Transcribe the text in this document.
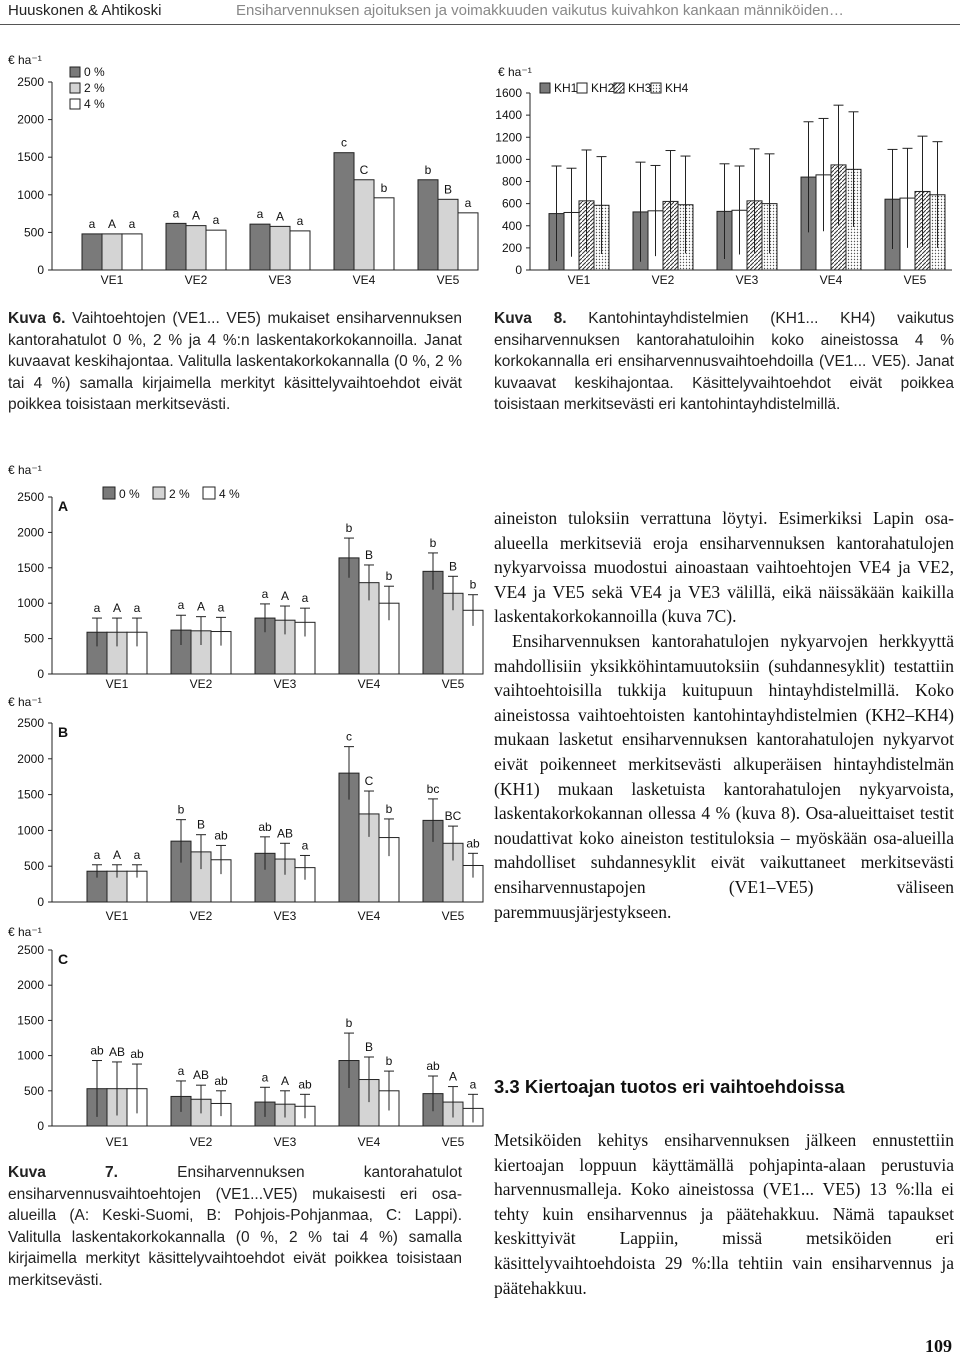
Huuskonen & Ahtikoski	Ensiharvennuksen ajoituksen ja voimakkuuden vaikutus kuivahkon kankaan männiköiden…
0
500
1000
1500
2000
2500
€ ha⁻¹
VE1
a A a
VE2
a A a
VE3
a A a
VE4
c
C
b
VE5
b
B
a
0 %
2 %
4 %
0
200
400
600
800
1000
1200
1400
1600
€ ha⁻¹
VE1	VE2	VE3	VE4	VE5
KH1 KH2 KH3 KH4
0
500
1000
1500
2000
2500
€ ha⁻¹
A
VE1
a A a
VE2
a A a
VE3
a A a
VE4
b
B
b
VE5
b
B
b
0 % 2 % 4 %
0
500
1000
1500
2000
2500
€ ha⁻¹
B
VE1
a A a
VE2
b
B
ab
VE3
ab AB
a
VE4
c
C
b
VE5
bc
BC
ab
0
500
1000
1500
2000
2500
€ ha⁻¹
C
VE1
ab AB ab
VE2
a AB ab
VE3
a A ab
VE4
b
B
b
VE5
ab
A
a

Kuva 6. Vaihtoehtojen (VE1... VE5) mukaiset ensiharvennuksen kantorahatulot 0 %, 2 % ja 4 %:n laskentakorkokannoilla. Janat kuvaavat keskihajontaa. Valitulla laskentakorkokannalla (0 %, 2 % tai 4 %) samalla kirjaimella merkityt käsittelyvaihtoehdot eivät poikkea toisistaan merkitsevästi.

Kuva 8. Kantohintayhdistelmien (KH1... KH4) vaikutus ensiharvennuksen kantorahatuloihin koko aineistossa 4 % korkokannalla eri ensiharvennusvaihtoehdoilla (VE1... VE5). Janat kuvaavat keskihajontaa. Käsittelyvaihtoehdot eivät poikkea toisistaan merkitsevästi eri kantohintayhdistelmillä.

Kuva 7.	Ensiharvennuksen kantorahatulot ensiharvennusvaihtoehtojen (VE1...VE5) mukaisesti eri osa-alueilla (A: Keski-Suomi, B: Pohjois-Pohjanmaa, C: Lappi). Valitulla laskentakorkokannalla (0 %, 2 % tai 4 %) samalla kirjaimella merkityt käsittelyvaihtoehdot eivät poikkea toisistaan merkitsevästi.

aineiston tuloksiin verrattuna löytyi. Esimerkiksi Lapin osa-alueella merkitseviä eroja ensiharvennuksen kantorahatulojen nykyarvoissa muodostui ainoastaan vaihtoehtojen VE4 ja VE2, VE4 ja VE5 sekä VE4 ja VE3 välillä, eikä näissäkään kaikilla laskentakorkokannoilla (kuva 7C).

Ensiharvennuksen kantorahatulojen nykyarvojen herkkyyttä mahdollisiin yksikköhintamuutoksiin (suhdannesyklit) testattiin vaihtoehtoisilla tukkija kuitupuun hintayhdistelmillä. Koko aineistossa vaihtoehtoisten kantohintayhdistelmien (KH2–KH4) mukaan lasketut ensiharvennuksen kantorahatulojen nykyarvot eivät poikenneet merkitsevästi alkuperäisen hintayhdistelmän (KH1) mukaan lasketuista kantorahatulojen nykyarvoista, laskentakorkokannan ollessa 4 % (kuva 8). Osa-alueittaiset testit noudattivat koko aineiston testituloksia – myöskään osa-alueilla mahdolliset suhdannesyklit eivät vaikuttaneet merkitsevästi ensiharvennustapojen (VE1–VE5) väliseen paremmuusjärjestykseen.

3.3 Kiertoajan tuotos eri vaihtoehdoissa

Metsiköiden kehitys ensiharvennuksen jälkeen ennustettiin kiertoajan loppuun käyttämällä pohjapinta-alaan perustuvia harvennusmalleja. Koko aineistossa (VE1... VE5) 13 %:lla ei tehty kuin ensiharvennus ja päätehakkuu. Nämä tapaukset keskittyivät Lappiin, missä metsiköiden eri käsittelyvaihtoehdoista 29 %:lla tehtiin vain ensiharvennus ja päätehakkuu.

109
